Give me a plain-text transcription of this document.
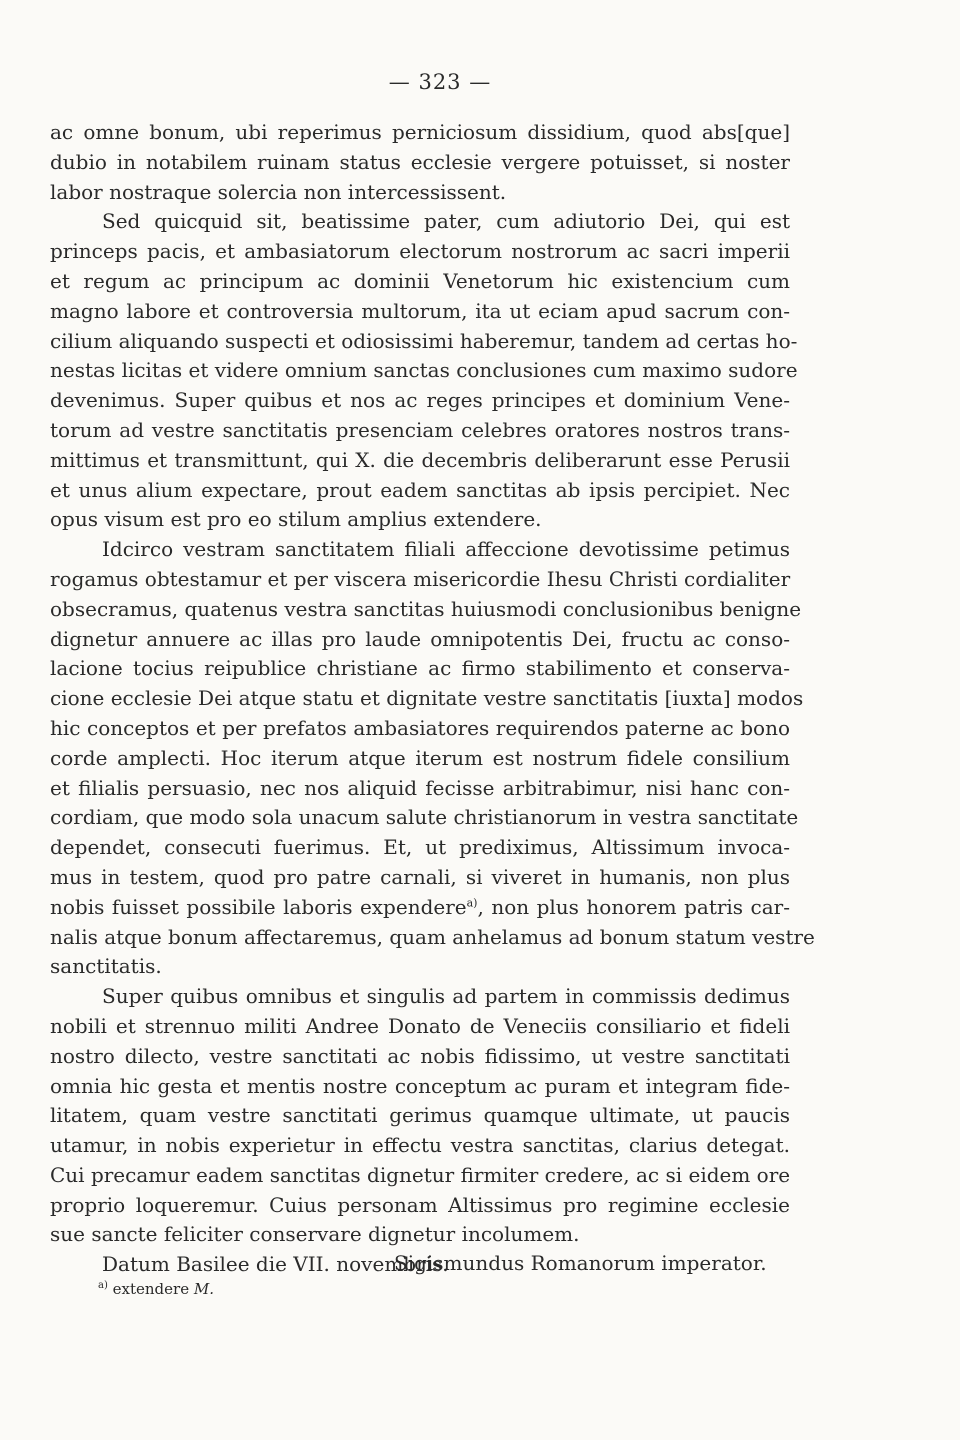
— 323 —
ac omne bonum, ubi reperimus perniciosum dissidium, quod abs[que]
dubio in notabilem ruinam status ecclesie vergere potuisset, si noster
labor nostraque solercia non intercessissent.
Sed quicquid sit, beatissime pater, cum adiutorio Dei, qui est
princeps pacis, et ambasiatorum electorum nostrorum ac sacri imperii
et regum ac principum ac dominii Venetorum hic existencium cum
magno labore et controversia multorum, ita ut eciam apud sacrum con-
cilium aliquando suspecti et odiosissimi haberemur, tandem ad certas ho-
nestas licitas et videre omnium sanctas conclusiones cum maximo sudore
devenimus. Super quibus et nos ac reges principes et dominium Vene-
torum ad vestre sanctitatis presenciam celebres oratores nostros trans-
mittimus et transmittunt, qui X. die decembris deliberarunt esse Perusii
et unus alium expectare, prout eadem sanctitas ab ipsis percipiet. Nec
opus visum est pro eo stilum amplius extendere.
Idcirco vestram sanctitatem filiali affeccione devotissime petimus
rogamus obtestamur et per viscera misericordie Ihesu Christi cordialiter
obsecramus, quatenus vestra sanctitas huiusmodi conclusionibus benigne
dignetur annuere ac illas pro laude omnipotentis Dei, fructu ac conso-
lacione tocius reipublice christiane ac firmo stabilimento et conserva-
cione ecclesie Dei atque statu et dignitate vestre sanctitatis [iuxta] modos
hic conceptos et per prefatos ambasiatores requirendos paterne ac bono
corde amplecti. Hoc iterum atque iterum est nostrum fidele consilium
et filialis persuasio, nec nos aliquid fecisse arbitrabimur, nisi hanc con-
cordiam, que modo sola unacum salute christianorum in vestra sanctitate
dependet, consecuti fuerimus. Et, ut prediximus, Altissimum invoca-
mus in testem, quod pro patre carnali, si viveret in humanis, non plus
nobis fuisset possibile laboris expendere$^{a)}$, non plus honorem patris car-
nalis atque bonum affectaremus, quam anhelamus ad bonum statum vestre
sanctitatis.
Super quibus omnibus et singulis ad partem in commissis dedimus
nobili et strennuo militi Andree Donato de Veneciis consiliario et fideli
nostro dilecto, vestre sanctitati ac nobis fidissimo, ut vestre sanctitati
omnia hic gesta et mentis nostre conceptum ac puram et integram fide-
litatem, quam vestre sanctitati gerimus quamque ultimate, ut paucis
utamur, in nobis experietur in effectu vestra sanctitas, clarius detegat.
Cui precamur eadem sanctitas dignetur firmiter credere, ac si eidem ore
proprio loqueremur. Cuius personam Altissimus pro regimine ecclesie
sue sancte feliciter conservare dignetur incolumem.
Datum Basilee die VII. novembris.
Sigismundus Romanorum imperator.
$^{a)}$ extendere M.
